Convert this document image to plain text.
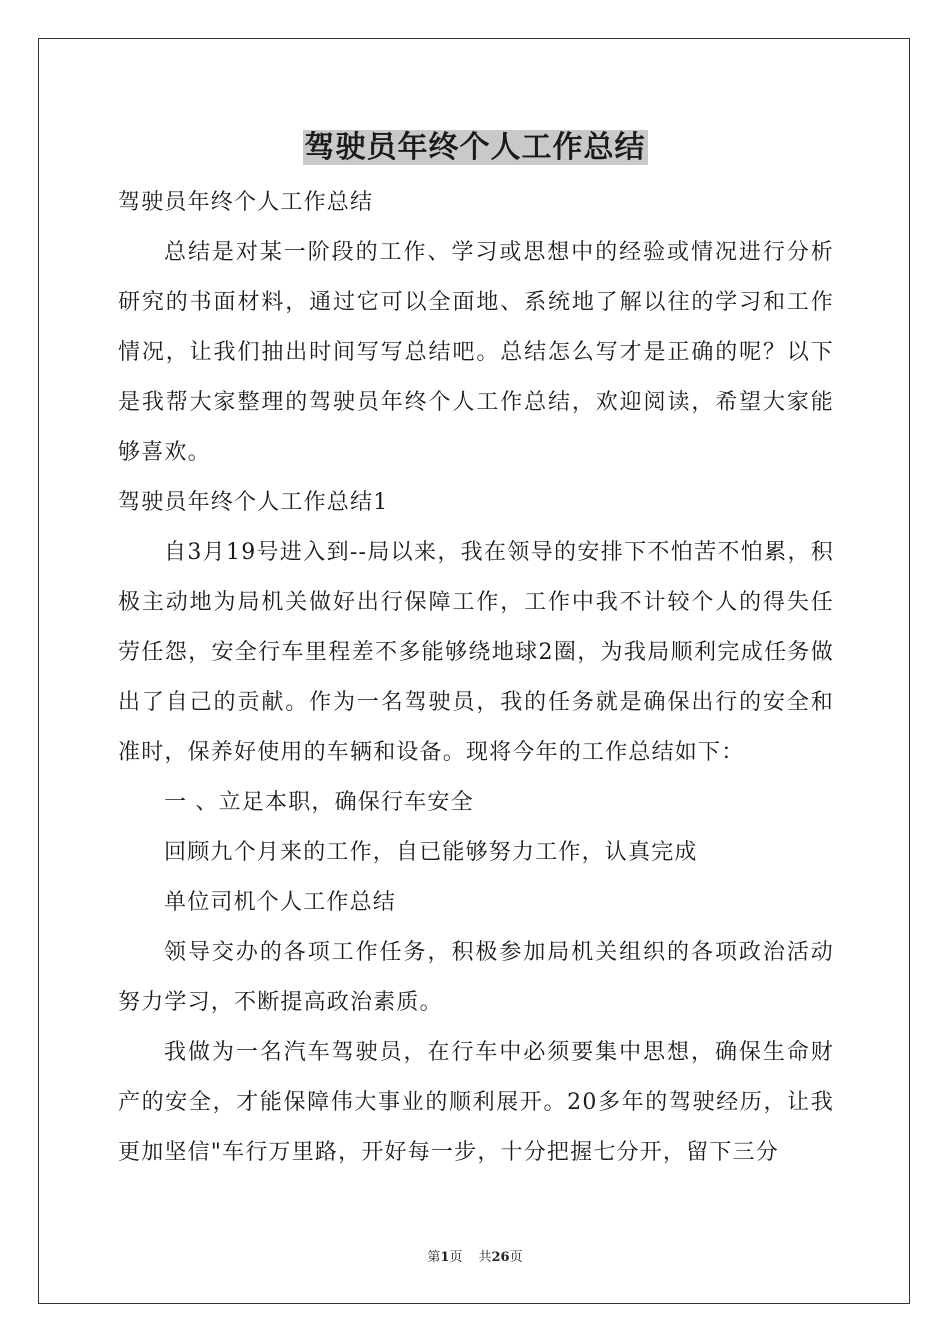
驾驶员年终个人工作总结

驾驶员年终个人工作总结

总结是对某一阶段的工作、学习或思想中的经验或情况进行分析研究的书面材料，通过它可以全面地、系统地了解以往的学习和工作情况，让我们抽出时间写写总结吧。总结怎么写才是正确的呢？以下是我帮大家整理的驾驶员年终个人工作总结，欢迎阅读，希望大家能够喜欢。

驾驶员年终个人工作总结1

自3月19号进入到--局以来，我在领导的安排下不怕苦不怕累，积极主动地为局机关做好出行保障工作，工作中我不计较个人的得失任劳任怨，安全行车里程差不多能够绕地球2圈，为我局顺利完成任务做出了自己的贡献。作为一名驾驶员，我的任务就是确保出行的安全和准时，保养好使用的车辆和设备。现将今年的工作总结如下：

一 、立足本职，确保行车安全

回顾九个月来的工作，自已能够努力工作，认真完成

单位司机个人工作总结

领导交办的各项工作任务，积极参加局机关组织的各项政治活动努力学习，不断提高政治素质。

我做为一名汽车驾驶员，在行车中必须要集中思想，确保生命财产的安全，才能保障伟大事业的顺利展开。20多年的驾驶经历，让我更加坚信"车行万里路，开好每一步，十分把握七分开，留下三分

第1页 共26页
